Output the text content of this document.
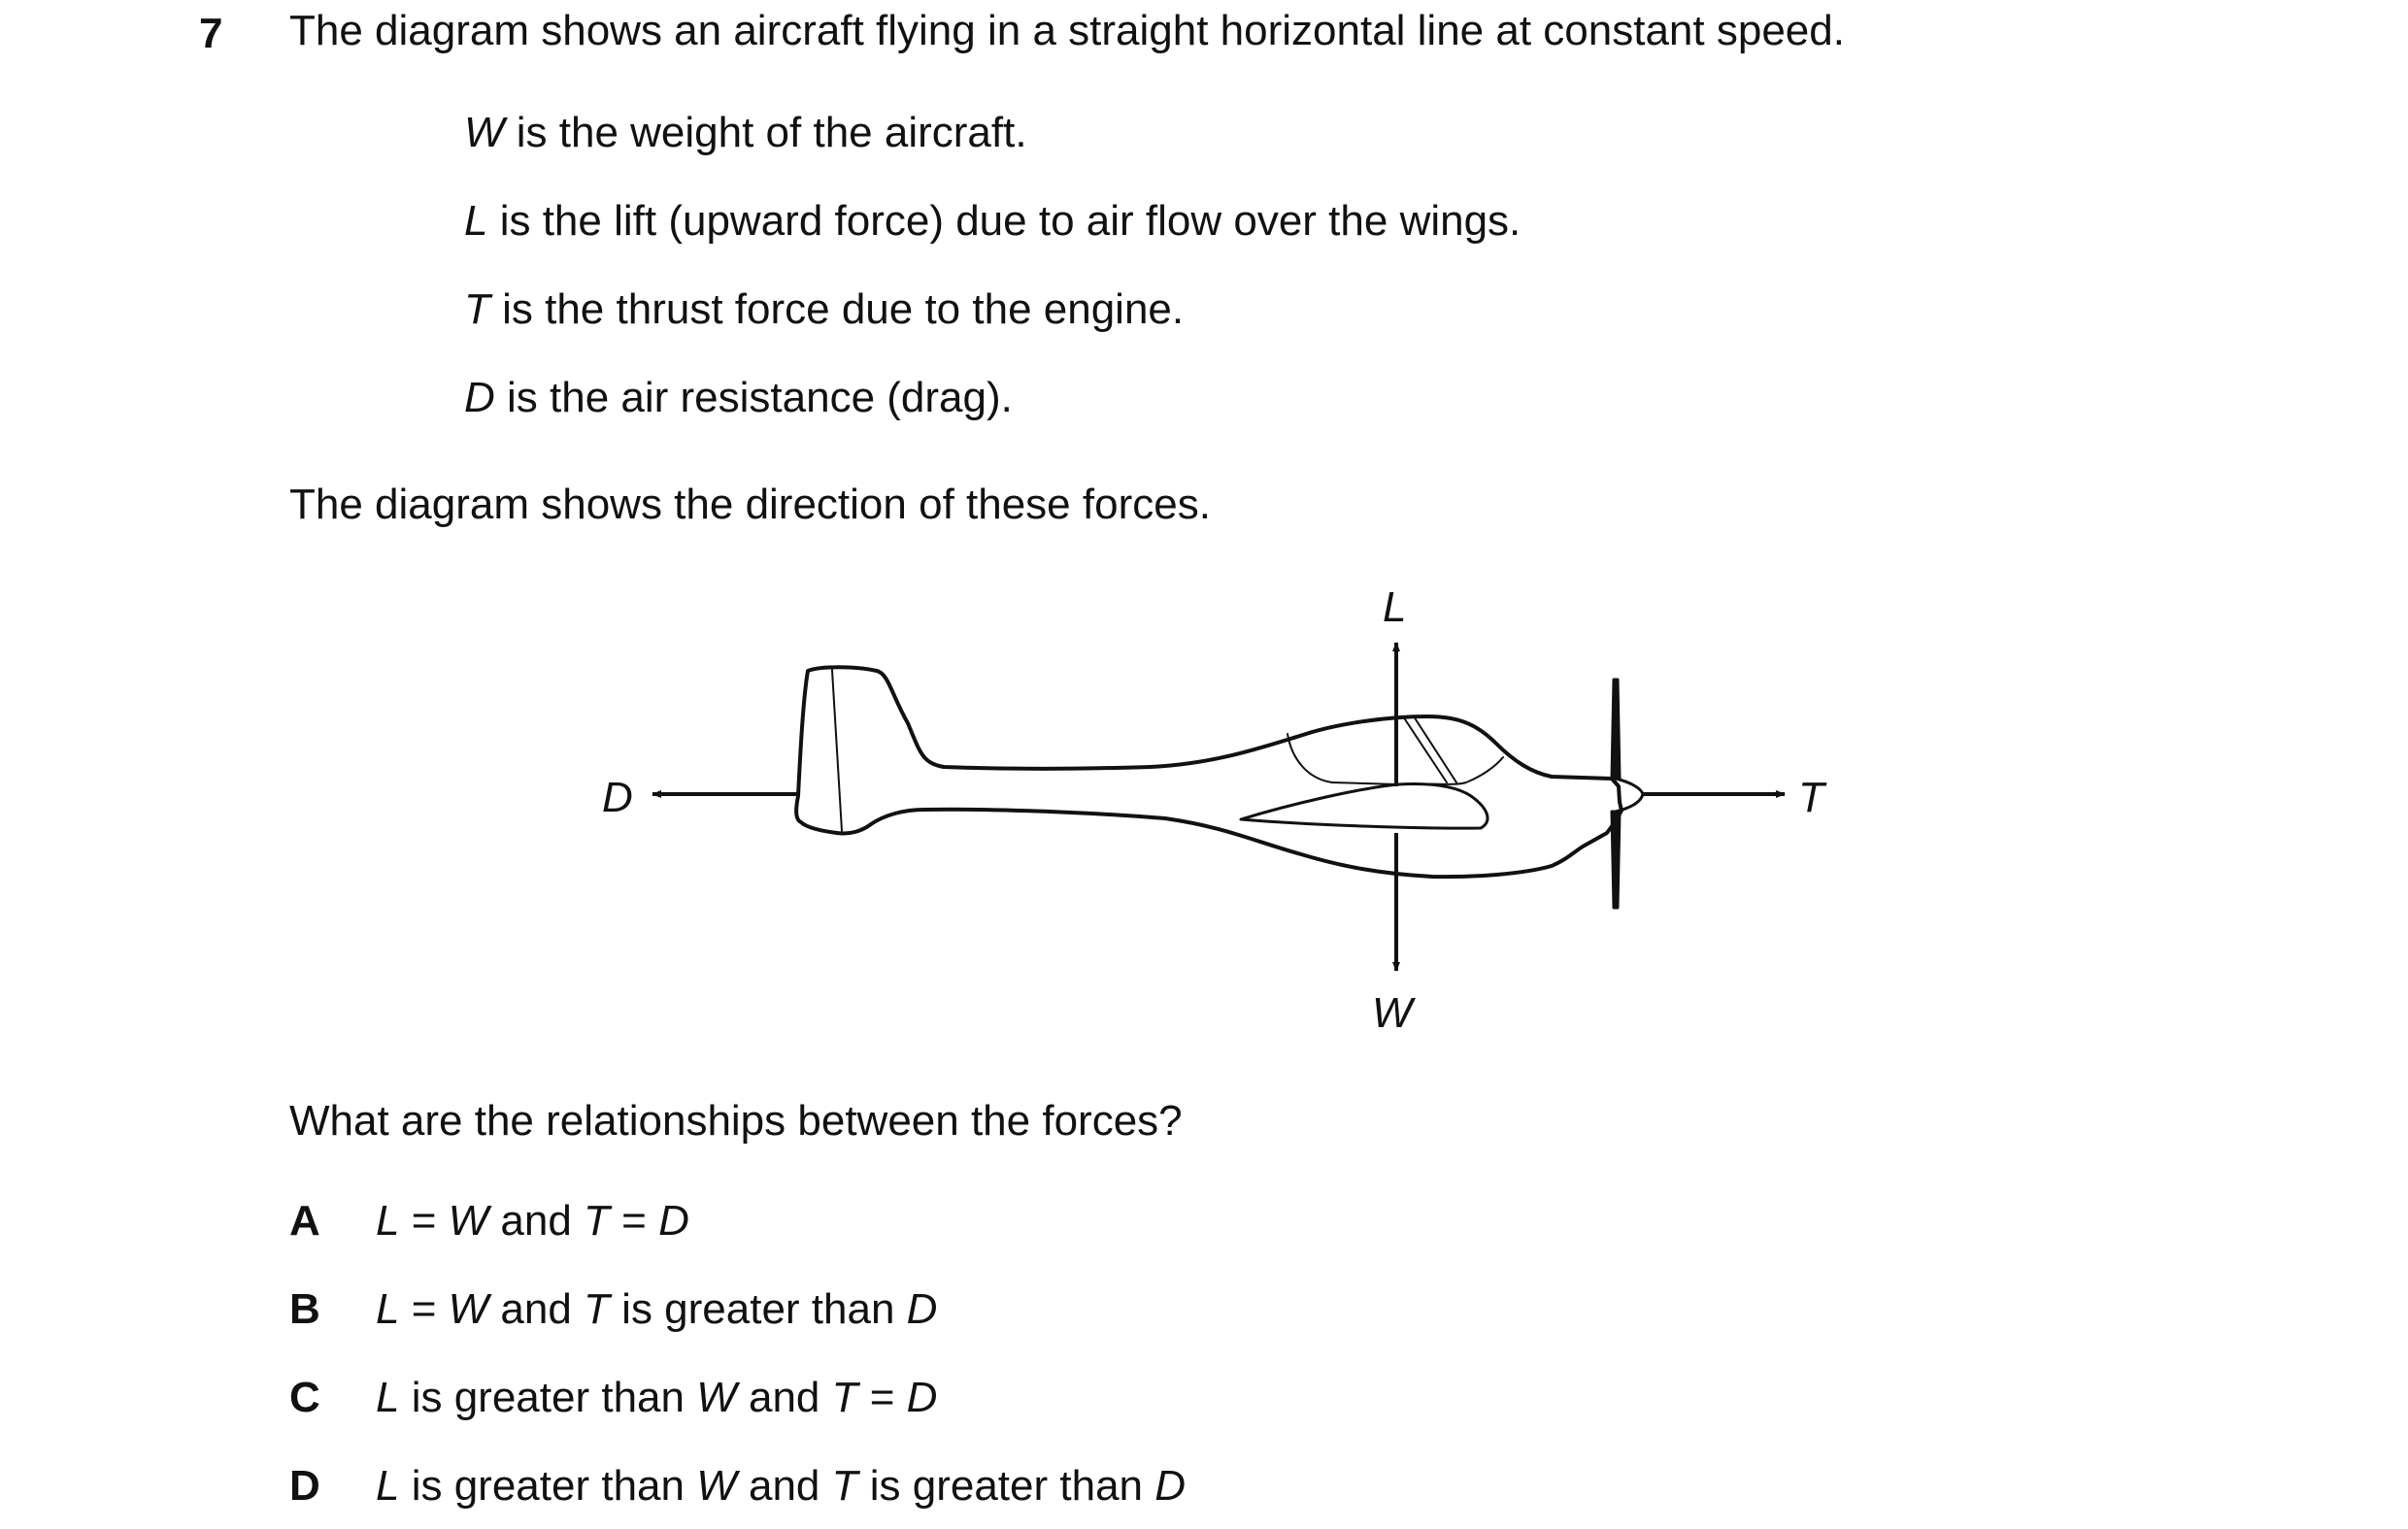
7 The diagram shows an aircraft flying in a straight horizontal line at constant speed.
W is the weight of the aircraft.
L is the lift (upward force) due to air flow over the wings.
T is the thrust force due to the engine.
D is the air resistance (drag).
The diagram shows the direction of these forces.
L
W
T
D
What are the relationships between the forces?
A L = W and T = D
B L = W and T is greater than D
C L is greater than W and T = D
D L is greater than W and T is greater than D
